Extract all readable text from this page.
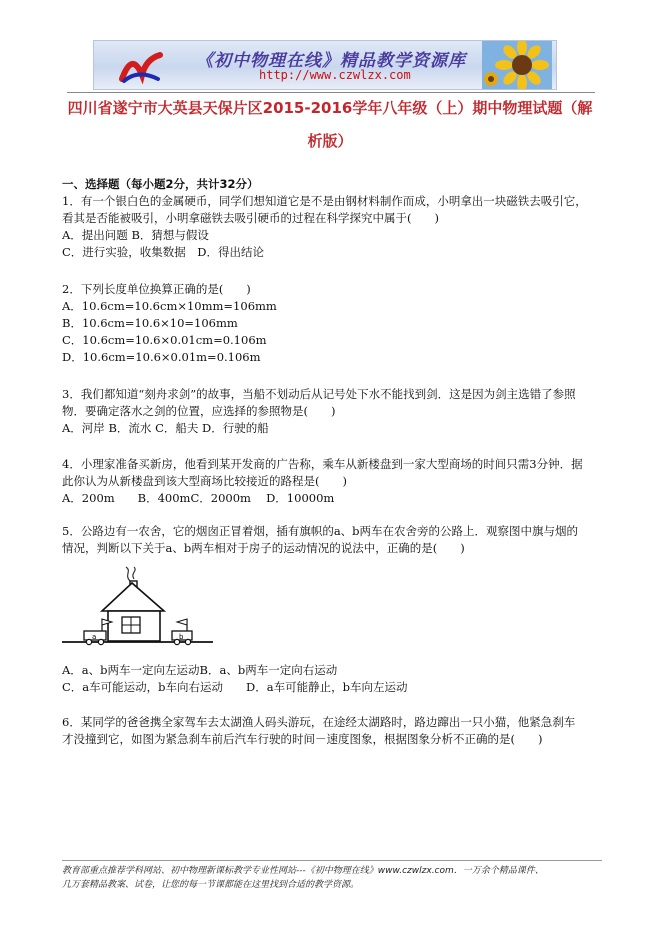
《初中物理在线》精品教学资源库
http://www.czwlzx.com
四川省遂宁市大英县天保片区2015-2016学年八年级（上）期中物理试题（解
析版）
一、选择题（每小题2分，共计32分）
1．有一个银白色的金属硬币，同学们想知道它是不是由钢材料制作而成，小明拿出一块磁铁去吸引它，
看其是否能被吸引，小明拿磁铁去吸引硬币的过程在科学探究中属于(　　)
A．提出问题 B．猜想与假设
C．进行实验，收集数据　D．得出结论
2．下列长度单位换算正确的是(　　)
A．10.6cm=10.6cm×10mm=106mm
B．10.6cm=10.6×10=106mm
C．10.6cm=10.6×0.01cm=0.106m
D．10.6cm=10.6×0.01m=0.106m
3．我们都知道“刻舟求剑”的故事，当船不划动后从记号处下水不能找到剑．这是因为剑主选错了参照
物．要确定落水之剑的位置，应选择的参照物是(　　)
A．河岸 B．流水 C．船夫 D．行驶的船
4．小理家准备买新房，他看到某开发商的广告称，乘车从新楼盘到一家大型商场的时间只需3分钟．据
此你认为从新楼盘到该大型商场比较接近的路程是(　　)
A．200m　　B．400mC．2000m　 D．10000m
5．公路边有一农舍，它的烟囱正冒着烟，插有旗帜的a、b两车在农舍旁的公路上．观察图中旗与烟的
情况，判断以下关于a、b两车相对于房子的运动情况的说法中，正确的是(　　)
a	b
A．a、b两车一定向左运动B．a、b两车一定向右运动
C．a车可能运动，b车向右运动　　D．a车可能静止，b车向左运动
6．某同学的爸爸携全家驾车去太湖渔人码头游玩，在途经太湖路时，路边蹿出一只小猫，他紧急刹车
才没撞到它，如图为紧急刹车前后汽车行驶的时间－速度图象，根据图象分析不正确的是(　　)
教育部重点推荐学科网站、初中物理新课标教学专业性网站---《初中物理在线》www.czwlzx.com．一万余个精品课件、
几万套精品教案、试卷，让您的每一节课都能在这里找到合适的教学资源。
